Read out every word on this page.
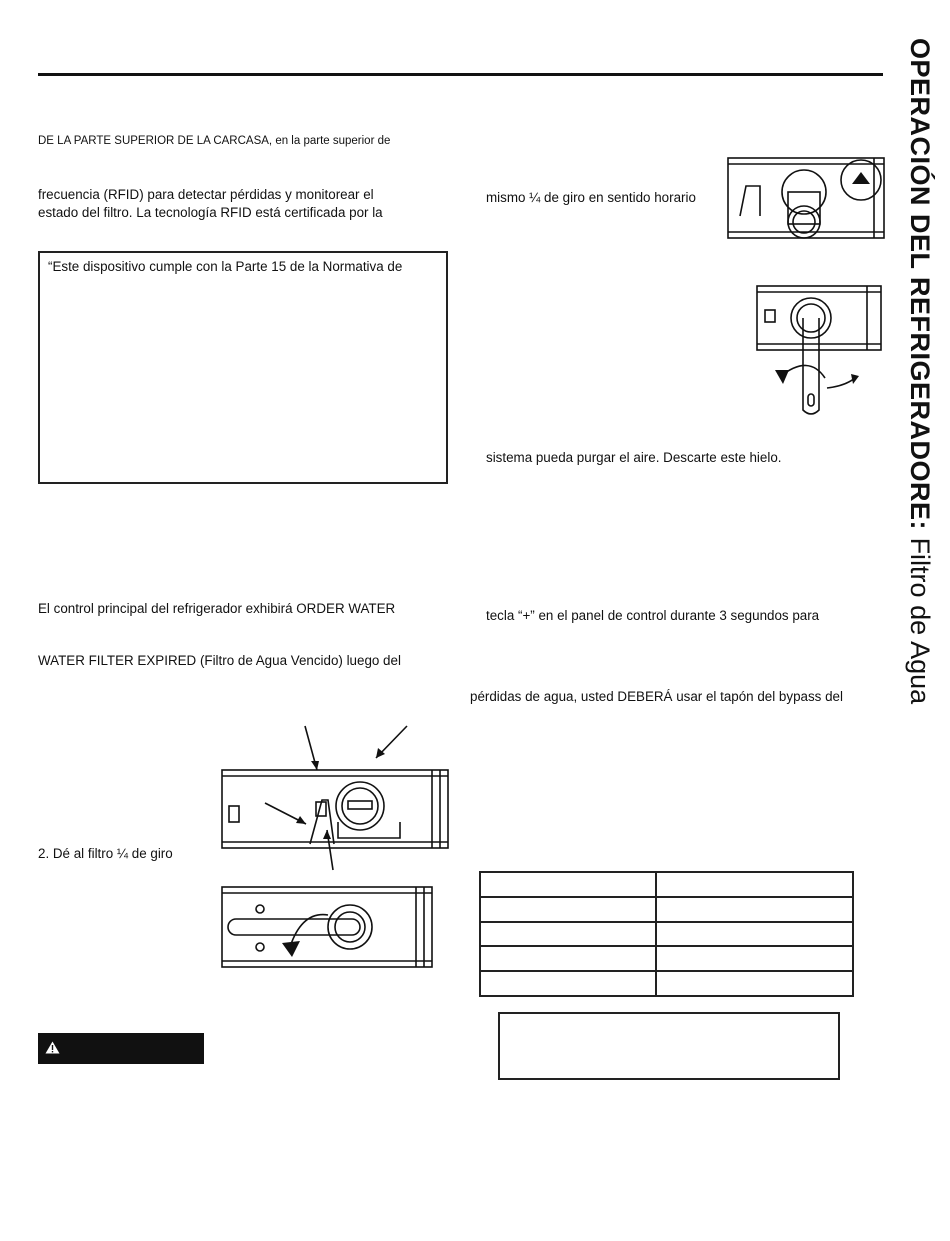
OPERACIÓN DEL REFRIGERADORE: Filtro de Agua
DE LA PARTE SUPERIOR DE LA CARCASA, en la parte superior de
frecuencia (RFID) para detectar pérdidas y monitorear el
estado del filtro. La tecnología RFID está certificada por la
“Este dispositivo cumple con la Parte 15 de la Normativa de
El control principal del refrigerador exhibirá ORDER WATER
WATER FILTER EXPIRED (Filtro de Agua Vencido) luego del
2. Dé al filtro ¼ de giro
mismo ¼ de giro en sentido horario
sistema pueda purgar el aire. Descarte este hielo.
tecla “+” en el panel de control durante 3 segundos para
pérdidas de agua, usted DEBERÁ usar el tapón del bypass del
